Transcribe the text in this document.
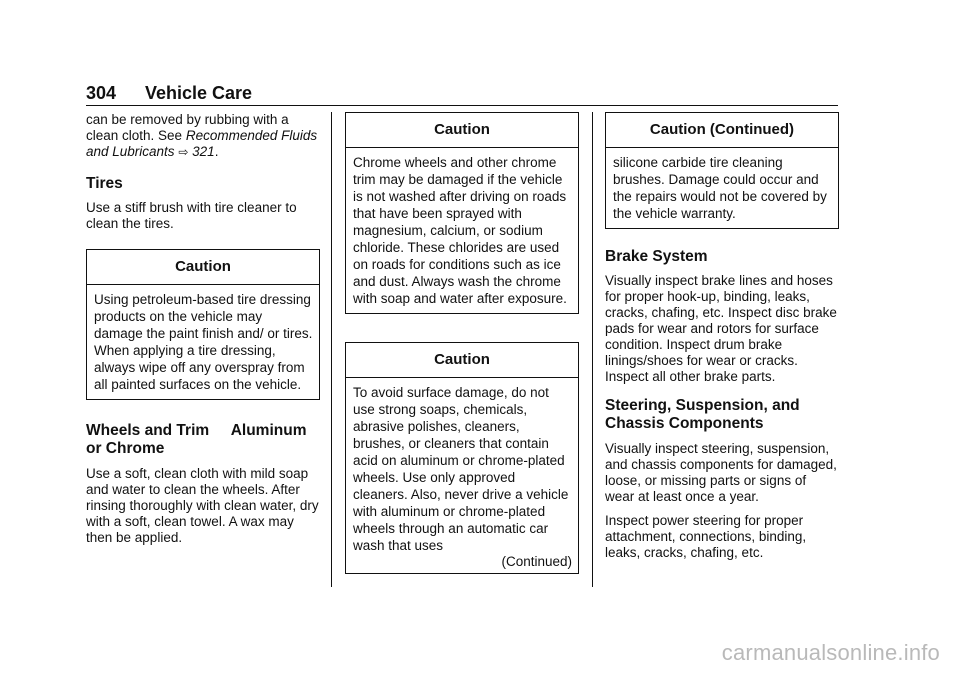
304 Vehicle Care

can be removed by rubbing with a clean cloth. See Recommended Fluids and Lubricants ⇨ 321.

Tires

Use a stiff brush with tire cleaner to clean the tires.

Caution
Using petroleum-based tire dressing products on the vehicle may damage the paint finish and/ or tires. When applying a tire dressing, always wipe off any overspray from all painted surfaces on the vehicle.
Wheels and Trim Aluminum
or Chrome

Use a soft, clean cloth with mild soap and water to clean the wheels. After rinsing thoroughly with clean water, dry with a soft, clean towel. A wax may then be applied.

Caution
Chrome wheels and other chrome trim may be damaged if the vehicle is not washed after driving on roads that have been sprayed with magnesium, calcium, or sodium chloride. These chlorides are used on roads for conditions such as ice and dust. Always wash the chrome with soap and water after exposure.
Caution
To avoid surface damage, do not use strong soaps, chemicals, abrasive polishes, cleaners, brushes, or cleaners that contain acid on aluminum or chrome-plated wheels. Use only approved cleaners. Also, never drive a vehicle with aluminum or chrome-plated wheels through an automatic car wash that uses
(Continued)
Caution (Continued)
silicone carbide tire cleaning brushes. Damage could occur and the repairs would not be covered by the vehicle warranty.
Brake System

Visually inspect brake lines and hoses for proper hook-up, binding, leaks, cracks, chafing, etc. Inspect disc brake pads for wear and rotors for surface condition. Inspect drum brake linings/shoes for wear or cracks. Inspect all other brake parts.

Steering, Suspension, and Chassis Components

Visually inspect steering, suspension, and chassis components for damaged, loose, or missing parts or signs of wear at least once a year.

Inspect power steering for proper attachment, connections, binding, leaks, cracks, chafing, etc.

carmanualsonline.info
